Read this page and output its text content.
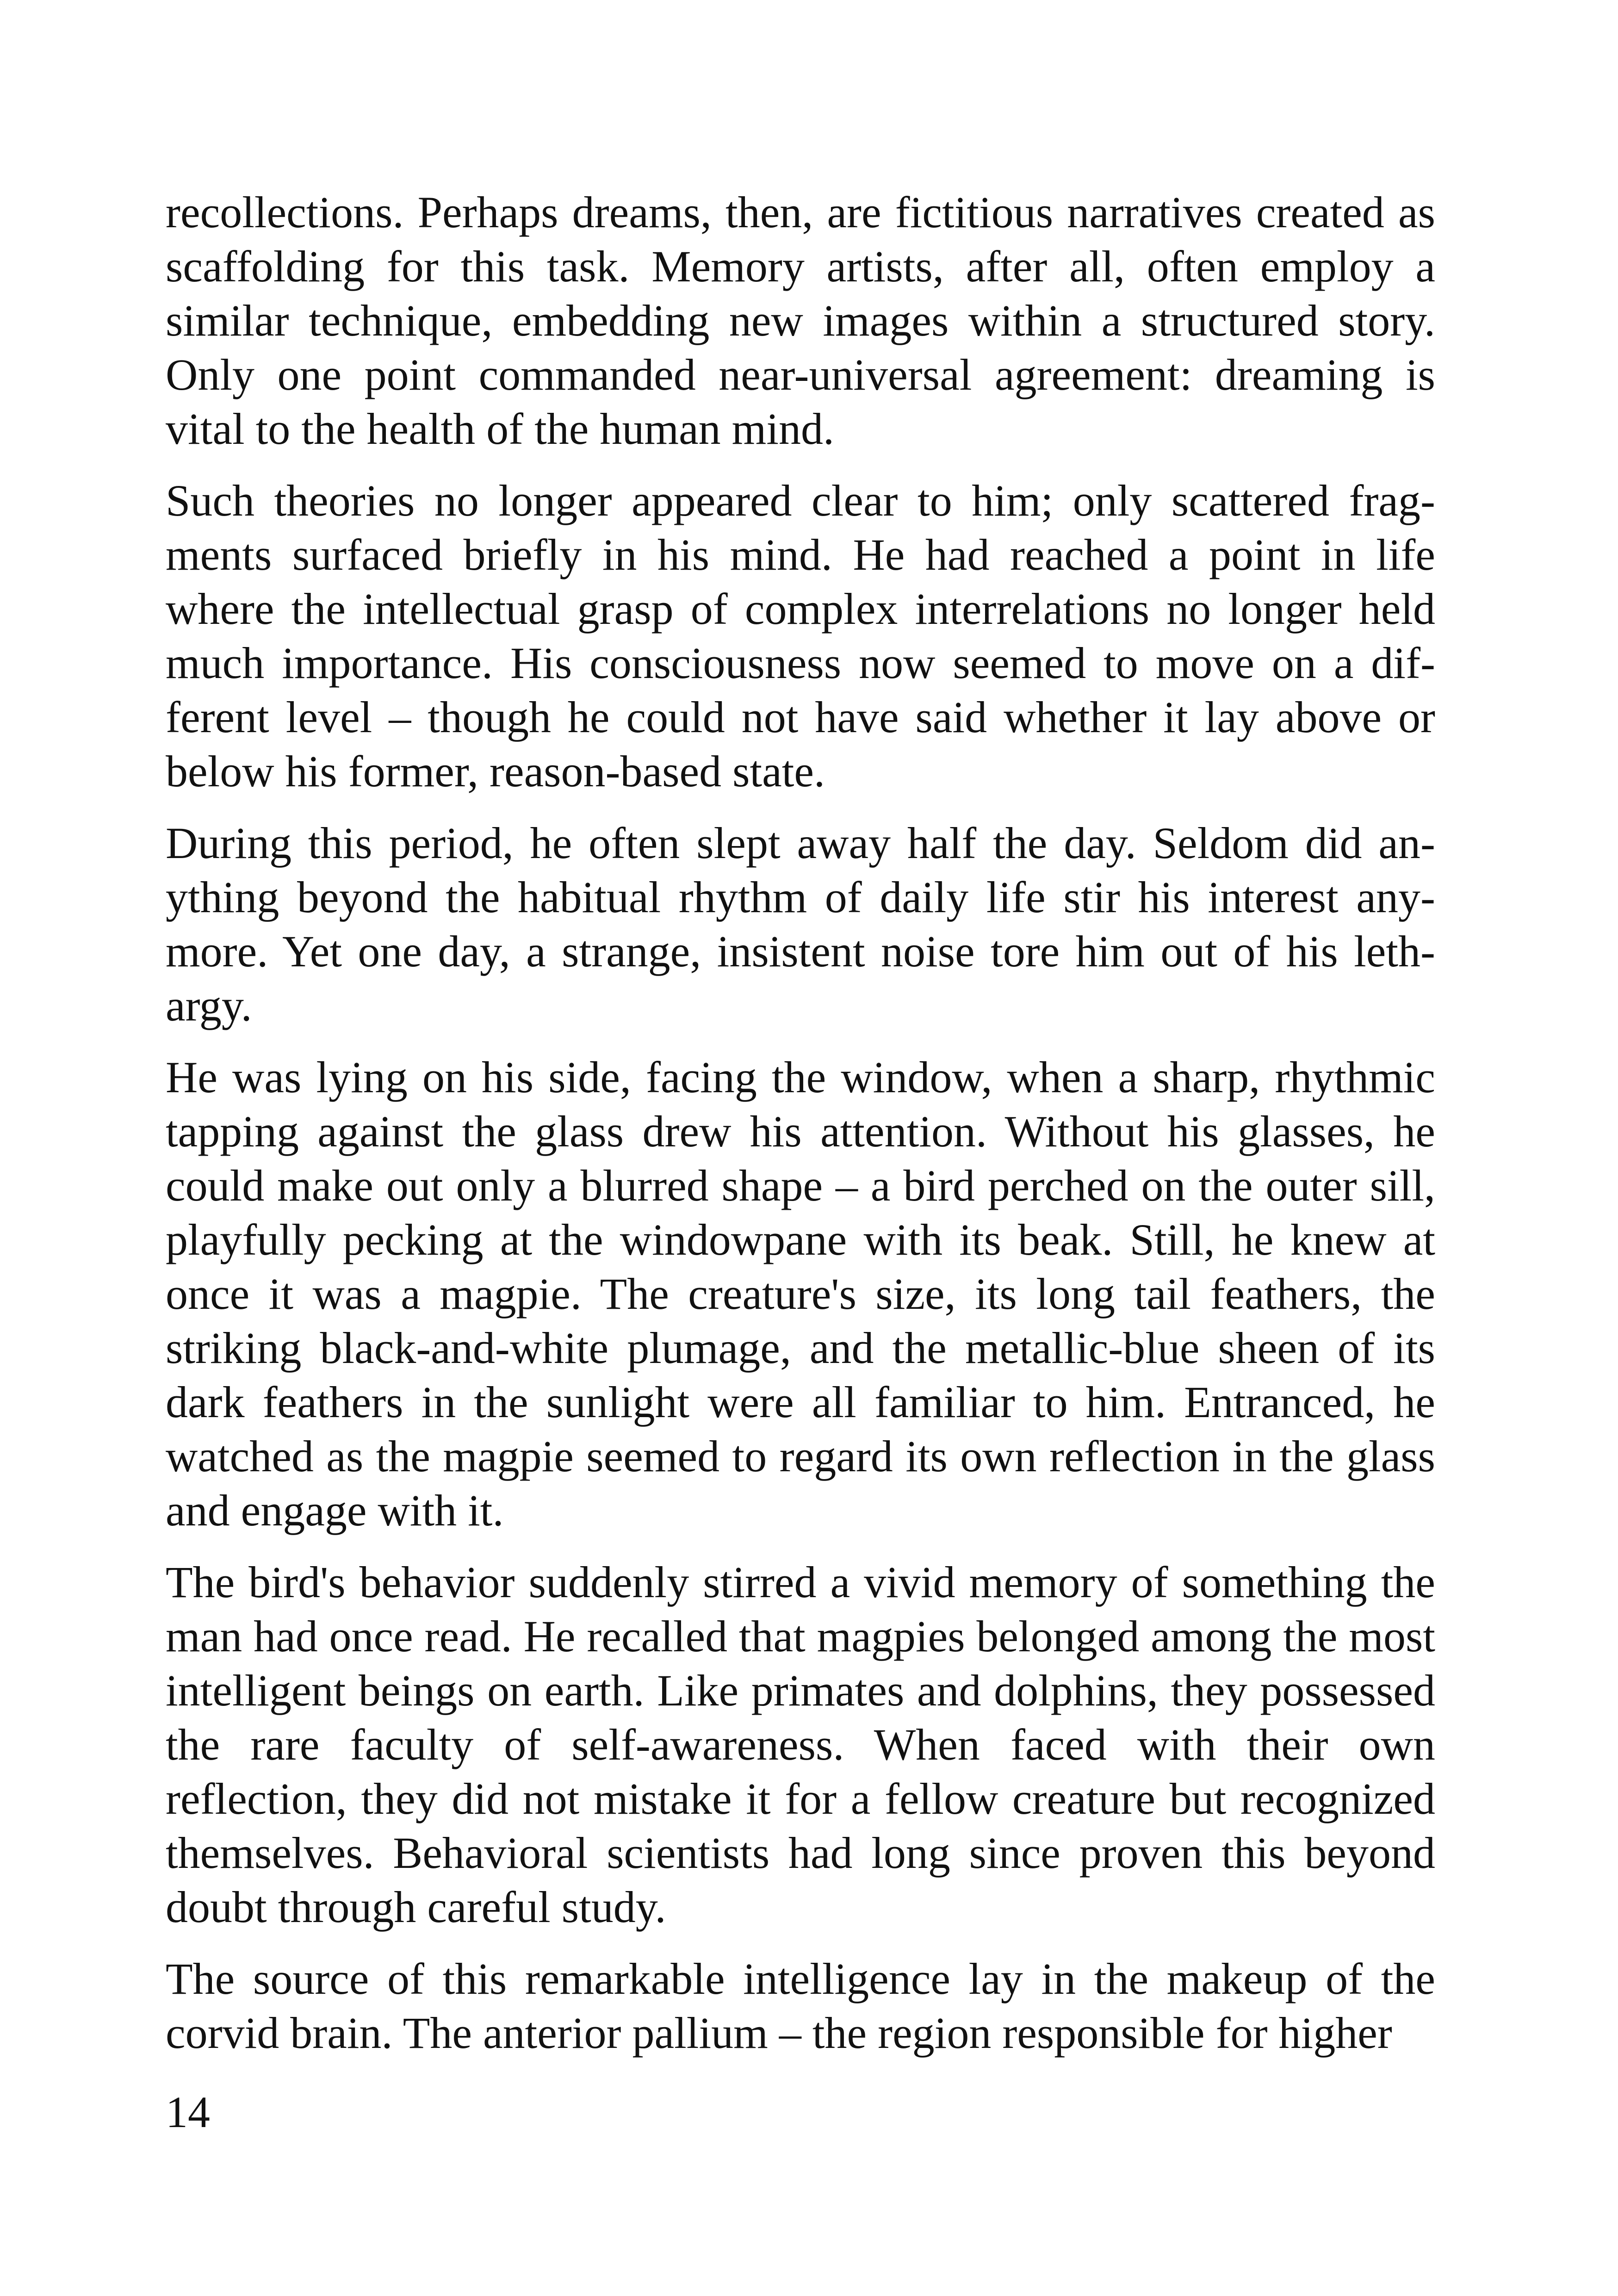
recollections. Perhaps dreams, then, are fictitious narratives created as scaffolding for this task. Memory artists, after all, often employ a similar technique, embedding new images within a structured story. Only one point commanded near-universal agreement: dreaming is vital to the health of the human mind.

Such theories no longer appeared clear to him; only scattered fragments surfaced briefly in his mind. He had reached a point in life where the intellectual grasp of complex interrelations no longer held much importance. His consciousness now seemed to move on a different level – though he could not have said whether it lay above or below his former, reason-based state.

During this period, he often slept away half the day. Seldom did anything beyond the habitual rhythm of daily life stir his interest anymore. Yet one day, a strange, insistent noise tore him out of his lethargy.

He was lying on his side, facing the window, when a sharp, rhythmic tapping against the glass drew his attention. Without his glasses, he could make out only a blurred shape – a bird perched on the outer sill, playfully pecking at the windowpane with its beak. Still, he knew at once it was a magpie. The creature's size, its long tail feathers, the striking black-and-white plumage, and the metallic-blue sheen of its dark feathers in the sunlight were all familiar to him. Entranced, he watched as the magpie seemed to regard its own reflection in the glass and engage with it.

The bird's behavior suddenly stirred a vivid memory of something the man had once read. He recalled that magpies belonged among the most intelligent beings on earth. Like primates and dolphins, they possessed the rare faculty of self-awareness. When faced with their own reflection, they did not mistake it for a fellow creature but recognized themselves. Behavioral scientists had long since proven this beyond doubt through careful study.

The source of this remarkable intelligence lay in the makeup of the corvid brain. The anterior pallium – the region responsible for higher

14
